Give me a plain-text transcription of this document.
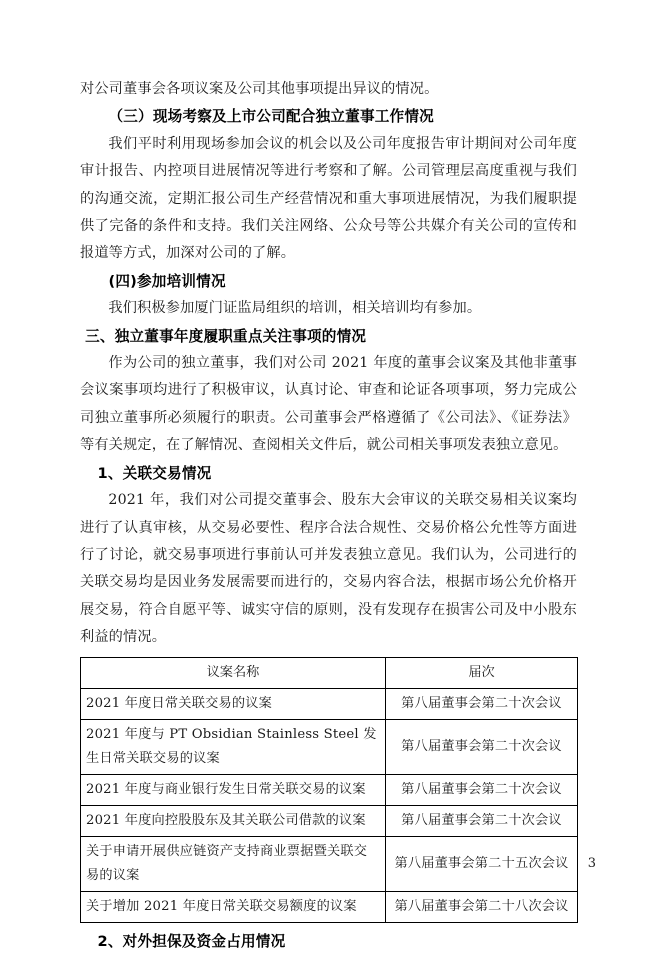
对公司董事会各项议案及公司其他事项提出异议的情况。

（三）现场考察及上市公司配合独立董事工作情况

我们平时利用现场参加会议的机会以及公司年度报告审计期间对公司年度审计报告、内控项目进展情况等进行考察和了解。公司管理层高度重视与我们的沟通交流，定期汇报公司生产经营情况和重大事项进展情况，为我们履职提供了完备的条件和支持。我们关注网络、公众号等公共媒介有关公司的宣传和报道等方式，加深对公司的了解。

(四)参加培训情况

我们积极参加厦门证监局组织的培训，相关培训均有参加。

三、独立董事年度履职重点关注事项的情况

作为公司的独立董事，我们对公司 2021 年度的董事会议案及其他非董事会议案事项均进行了积极审议，认真讨论、审查和论证各项事项，努力完成公司独立董事所必须履行的职责。公司董事会严格遵循了《公司法》、《证券法》等有关规定，在了解情况、查阅相关文件后，就公司相关事项发表独立意见。

1、关联交易情况

2021 年，我们对公司提交董事会、股东大会审议的关联交易相关议案均进行了认真审核，从交易必要性、程序合法合规性、交易价格公允性等方面进行了讨论，就交易事项进行事前认可并发表独立意见。我们认为，公司进行的关联交易均是因业务发展需要而进行的，交易内容合法，根据市场公允价格开展交易，符合自愿平等、诚实守信的原则，没有发现存在损害公司及中小股东利益的情况。

议案名称	届次
2021 年度日常关联交易的议案	第八届董事会第二十次会议
2021 年度与 PT Obsidian Stainless Steel 发生日常关联交易的议案	第八届董事会第二十次会议
2021 年度与商业银行发生日常关联交易的议案	第八届董事会第二十次会议
2021 年度向控股股东及其关联公司借款的议案	第八届董事会第二十次会议
关于申请开展供应链资产支持商业票据暨关联交易的议案	第八届董事会第二十五次会议
关于增加 2021 年度日常关联交易额度的议案	第八届董事会第二十八次会议
2、对外担保及资金占用情况
3
